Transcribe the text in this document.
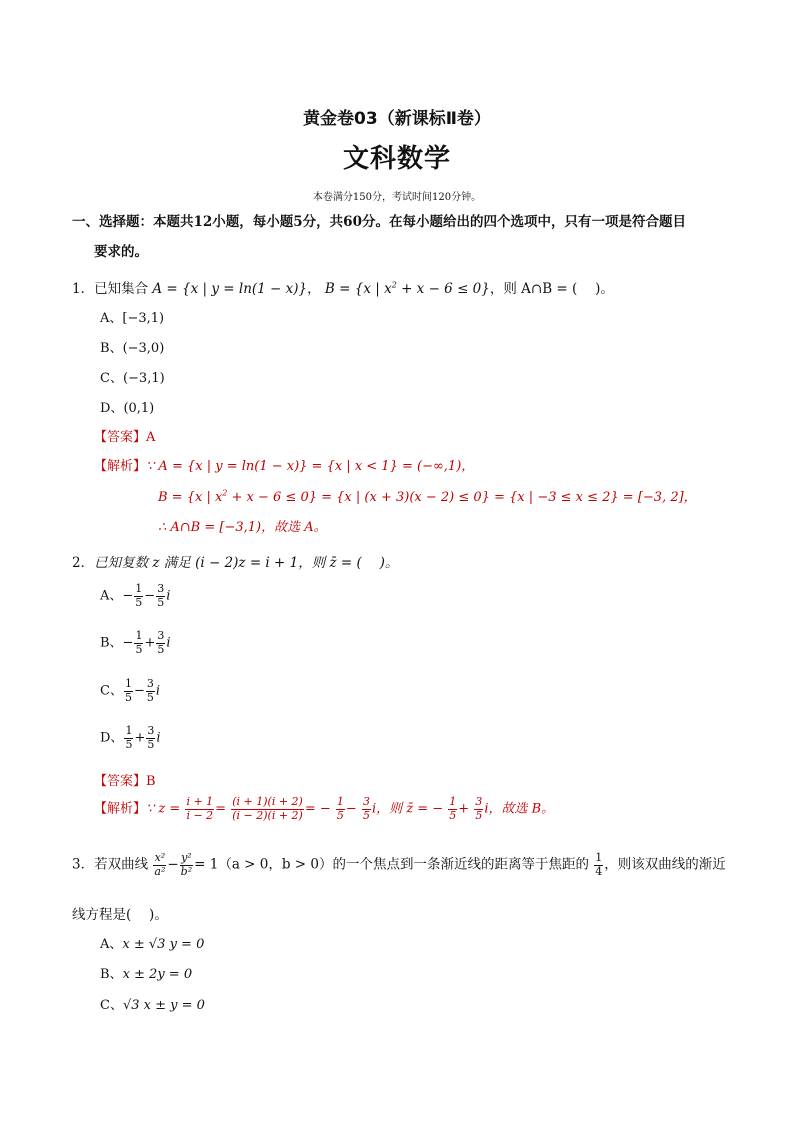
黄金卷03（新课标Ⅱ卷）
文科数学
本卷满分150分，考试时间120分钟。
一、选择题：本题共12小题，每小题5分，共60分。在每小题给出的四个选项中，只有一项是符合题目
要求的。
1．已知集合 A = {x | y = ln(1 − x)}， B = {x | $x^2 + x - 6 \le 0$}，则 A∩B = (　 )。
A、[−3,1)
B、(−3,0)
C、(−3,1)
D、(0,1)
【答案】A
【解析】∵ A = {x | y = ln(1 − x)} = {x | x < 1} = (−∞,1)，
B = {x | $x^2 + x - 6 \le 0\} = \{x$ | (x + 3)(x − 2) ≤ 0} = {x | −3 ≤ x ≤ 2} = [−3, 2]，
∴ A∩B = [−3,1)，故选 A。
2．已知复数 z 满足 (i − 2)z = i + 1，则 z̄ = (　 )。
A、− $\frac{1}{5} - \frac{3}{5}$ i
B、− $\frac{1}{5} + \frac{3}{5}$ i
C、 $\frac{1}{5} - \frac{3}{5}$ i
D、 $\frac{1}{5} + \frac{3}{5}$ i
【答案】B
【解析】∵ $z = \frac{i + 1}{i - 2} = \frac{(i + 1)(i + 2)}{(i - 2)(i + 2)}$ = − $\frac{1}{5} - \frac{3}{5}$ i，则 z̄ = − $\frac{1}{5} + \frac{3}{5}$ i，故选 B。
3．若双曲线 $\frac{\text{x²}}{\text{a²}} - \frac{\text{y²}}{\text{b²}} = 1(a > 0$，b > 0）的一个焦点到一条渐近线的距离等于焦距的 $\frac{1}{4}$ ，则该双曲线的渐近
线方程是(　 )。
A、x ± √3 y = 0
B、x ± 2y = 0
C、√3 x ± y = 0
